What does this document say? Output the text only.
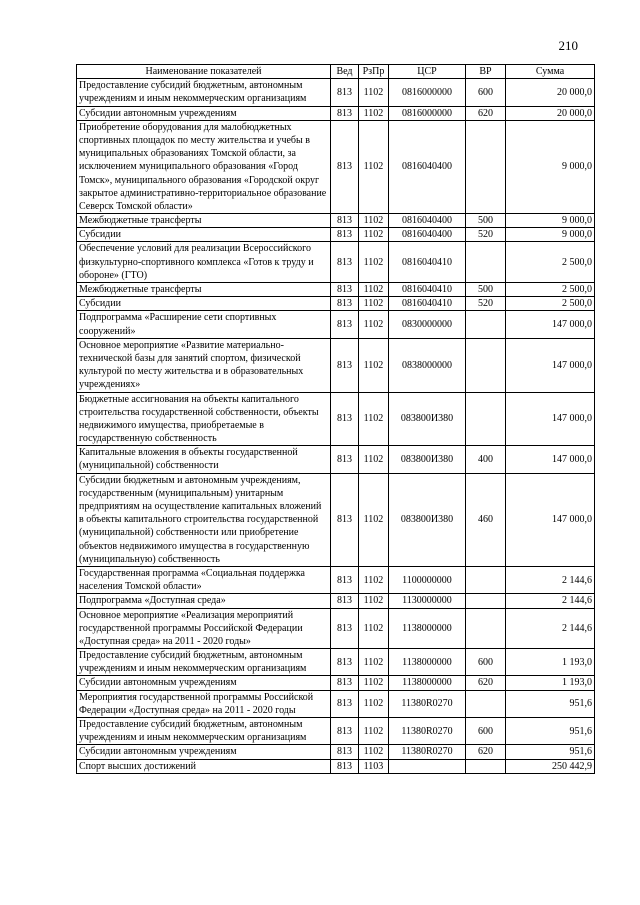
210
Наименование показателей	Вед	РзПр	ЦСР	ВР	Сумма
Предоставление субсидий бюджетным, автономным учреждениям и иным некоммерческим организациям	813	1102	0816000000	600	20 000,0
Субсидии автономным учреждениям	813	1102	0816000000	620	20 000,0
Приобретение оборудования для малобюджетных спортивных площадок по месту жительства и учебы в муниципальных образованиях Томской области, за исключением муниципального образования «Город Томск», муниципального образования «Городской округ закрытое административно-территориальное образование Северск Томской области»	813	1102	0816040400		9 000,0
Межбюджетные трансферты	813	1102	0816040400	500	9 000,0
Субсидии	813	1102	0816040400	520	9 000,0
Обеспечение условий для реализации Всероссийского физкультурно-спортивного комплекса «Готов к труду и обороне» (ГТО)	813	1102	0816040410		2 500,0
Межбюджетные трансферты	813	1102	0816040410	500	2 500,0
Субсидии	813	1102	0816040410	520	2 500,0
Подпрограмма «Расширение сети спортивных сооружений»	813	1102	0830000000		147 000,0
Основное мероприятие «Развитие материально-технической базы для занятий спортом, физической культурой по месту жительства и в образовательных учреждениях»	813	1102	0838000000		147 000,0
Бюджетные ассигнования на объекты капитального строительства государственной собственности, объекты недвижимого имущества, приобретаемые в государственную собственность	813	1102	083800И380		147 000,0
Капитальные вложения в объекты государственной (муниципальной) собственности	813	1102	083800И380	400	147 000,0
Субсидии бюджетным и автономным учреждениям, государственным (муниципальным) унитарным предприятиям на осуществление капитальных вложений в объекты капитального строительства государственной (муниципальной) собственности или приобретение объектов недвижимого имущества в государственную (муниципальную) собственность	813	1102	083800И380	460	147 000,0
Государственная программа «Социальная поддержка населения Томской области»	813	1102	1100000000		2 144,6
Подпрограмма «Доступная среда»	813	1102	1130000000		2 144,6
Основное мероприятие «Реализация мероприятий государственной программы Российской Федерации «Доступная среда» на 2011 - 2020 годы»	813	1102	1138000000		2 144,6
Предоставление субсидий бюджетным, автономным учреждениям и иным некоммерческим организациям	813	1102	1138000000	600	1 193,0
Субсидии автономным учреждениям	813	1102	1138000000	620	1 193,0
Мероприятия государственной программы Российской Федерации «Доступная среда» на 2011 - 2020 годы	813	1102	11380R0270		951,6
Предоставление субсидий бюджетным, автономным учреждениям и иным некоммерческим организациям	813	1102	11380R0270	600	951,6
Субсидии автономным учреждениям	813	1102	11380R0270	620	951,6
Спорт высших достижений	813	1103			250 442,9
